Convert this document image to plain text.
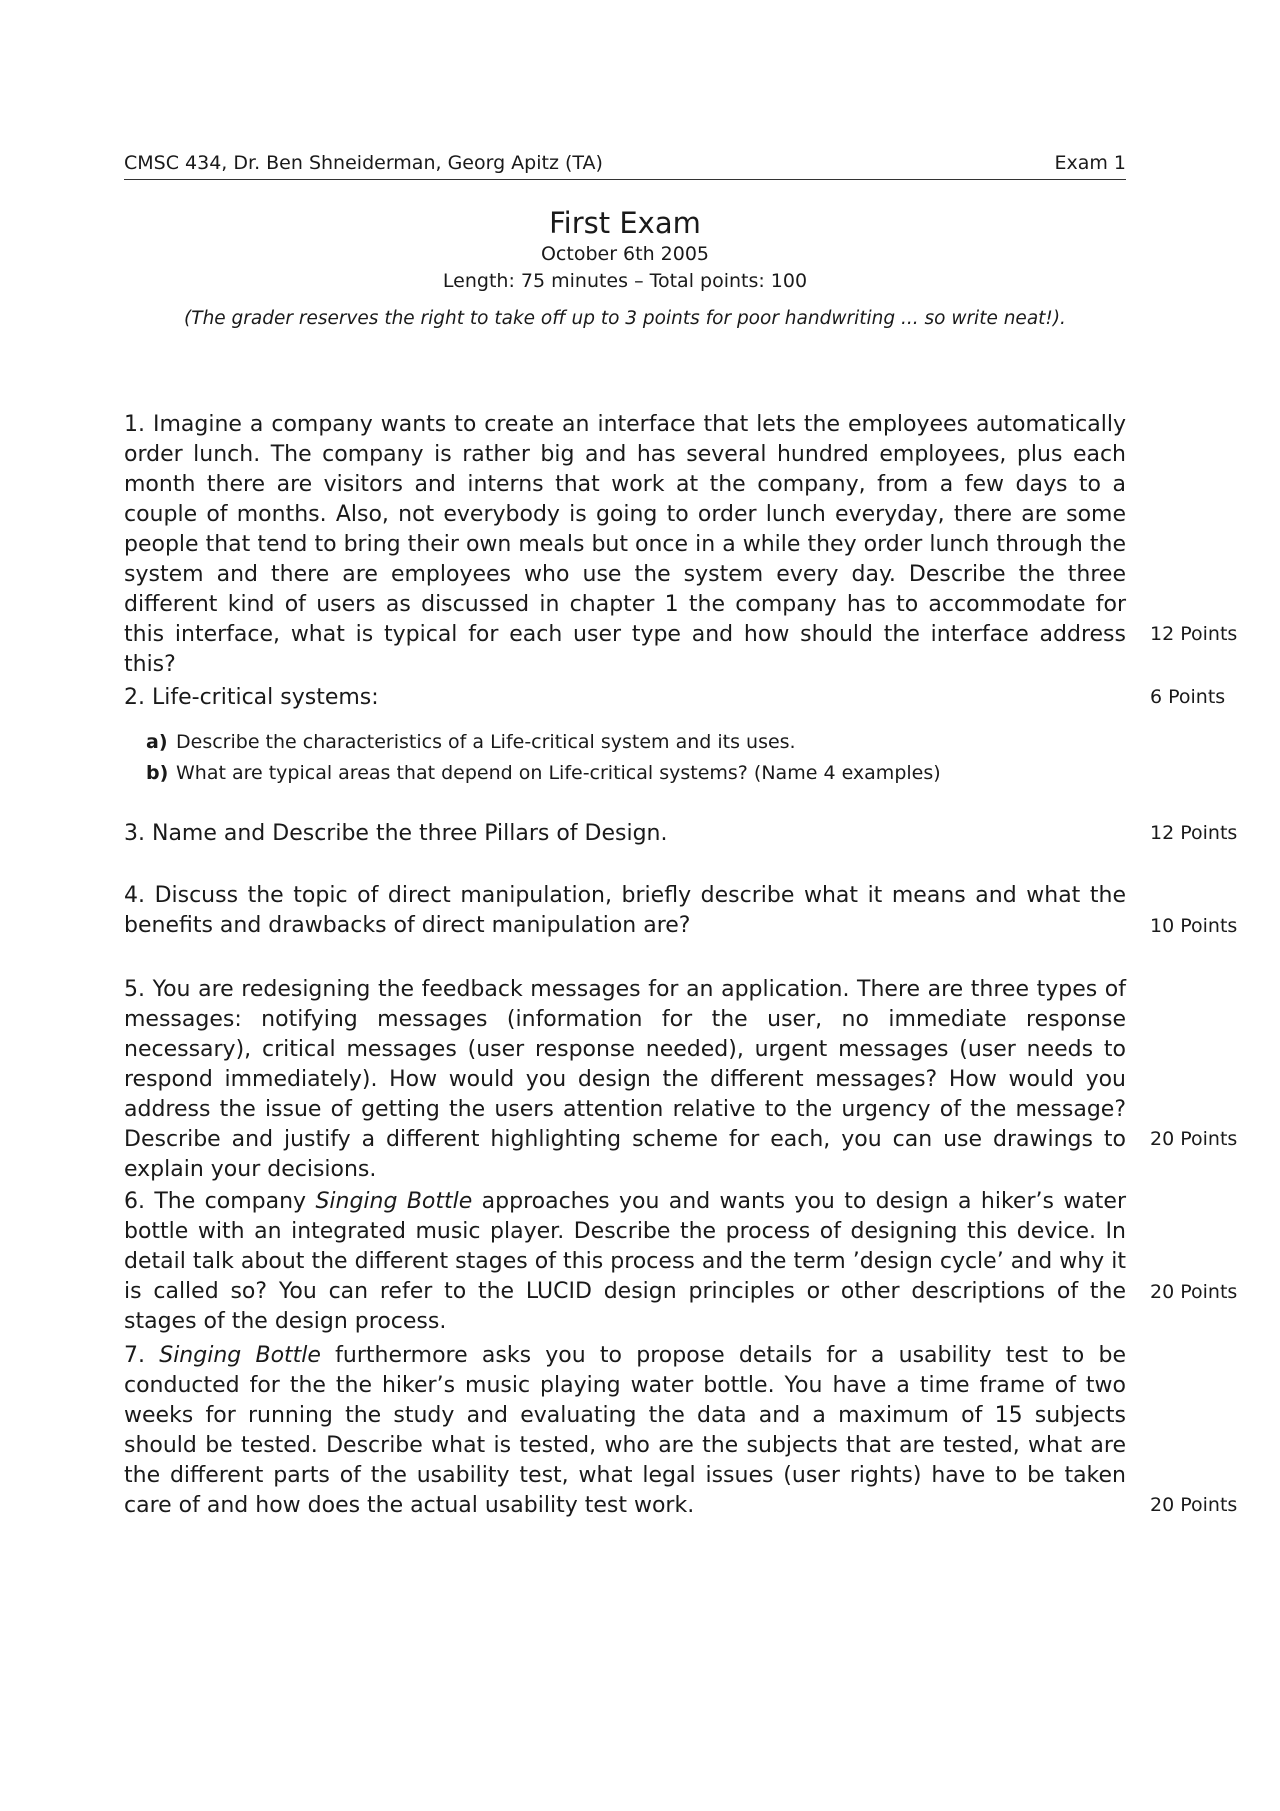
CMSC 434, Dr. Ben Shneiderman, Georg Apitz (TA)	Exam 1
First Exam
October 6th 2005
Length: 75 minutes – Total points: 100
(The grader reserves the right to take off up to 3 points for poor handwriting ... so write neat!).

1. Imagine a company wants to create an interface that lets the employees automatically order lunch. The company is rather big and has several hundred employees, plus each month there are visitors and interns that work at the company, from a few days to a couple of months. Also, not everybody is going to order lunch everyday, there are some people that tend to bring their own meals but once in a while they order lunch through the system and there are employees who use the system every day. Describe the three different kind of users as discussed in chapter 1 the company has to accommodate for this interface, what is typical for each user type and how should the interface address this?

12 Points

2. Life-critical systems:	6 Points
a) Describe the characteristics of a Life-critical system and its uses.
b) What are typical areas that depend on Life-critical systems? (Name 4 examples)

3. Name and Describe the three Pillars of Design.	12 Points

4. Discuss the topic of direct manipulation, briefly describe what it means and what the benefits and drawbacks of direct manipulation are?	10 Points

5. You are redesigning the feedback messages for an application. There are three types of messages: notifying messages (information for the user, no immediate response necessary), critical messages (user response needed), urgent messages (user needs to respond immediately). How would you design the different messages? How would you address the issue of getting the users attention relative to the urgency of the message? Describe and justify a different highlighting scheme for each, you can use drawings to explain your decisions.

20 Points

6. The company Singing Bottle approaches you and wants you to design a hiker’s water bottle with an integrated music player. Describe the process of designing this device. In detail talk about the different stages of this process and the term ’design cycle’ and why it is called so? You can refer to the LUCID design principles or other descriptions of the stages of the design process.

20 Points

7. Singing Bottle furthermore asks you to propose details for a usability test to be conducted for the the hiker’s music playing water bottle. You have a time frame of two weeks for running the study and evaluating the data and a maximum of 15 subjects should be tested. Describe what is tested, who are the subjects that are tested, what are the different parts of the usability test, what legal issues (user rights) have to be taken care of and how does the actual usability test work.	20 Points
